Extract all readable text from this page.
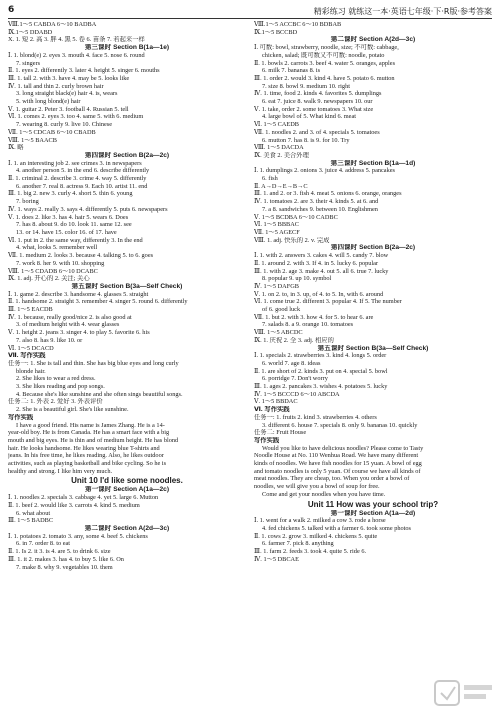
6	精彩练习 就练这一本·英语七年级·下·R版·参考答案
Ⅷ.1～5 CABDA 6～10 BADBA
Ⅸ.1～5 DDABD
X. 1. 短 2. 高 3. 胖 4. 黑 5. 卷 6. 苗条 7. 若起来一样
第三课时 Section B(1a—1e)
Ⅰ. 1. blond(e) 2. eyes 3. mouth 4. face 5. nose 6. round
7. singers
Ⅱ. 1. eyes 2. differently 3. later 4. height 5. singer 6. mouths
Ⅲ. 1. tall 2. with 3. have 4. may be 5. looks like
Ⅳ. 1. tall and thin 2. curly brown hair
3. long straight black(e) hair 4. is, wears
5. with long blond(e) hair
Ⅴ. 1. guitar 2. Peter 3. football 4. Russian 5. tell
Ⅵ. 1. comes 2. eyes 3. too 4. same 5. with 6. medium
7. wearing 8. curly 9. live 10. Chinese
Ⅶ. 1～5 CDCAB 6～10 CBADB
Ⅷ. 1～5 BAACB
Ⅸ. 略
第四课时 Section B(2a—2c)
Ⅰ. 1. an interesting job 2. see crimes 3. in newspapers
4. another person 5. in the end 6. describe differently
Ⅱ. 1. criminal 2. describe 3. crime 4. way 5. differently
6. another 7. real 8. actress 9. Each 10. artist 11. end
Ⅲ. 1. big 2. new 3. curly 4. short 5. thin 6. young
7. boring
Ⅳ. 1. ways 2. really 3. says 4. differently 5. puts 6. newspapers
Ⅴ. 1. does 2. like 3. has 4. hair 5. wears 6. Does
7. has 8. about 9. do 10. look 11. same 12. see
13. or 14. have 15. color 16. of 17. have
Ⅵ. 1. put in 2. the same way, differently 3. In the end
4. what, looks 5. remember well
Ⅶ. 1. medium 2. looks 3. because 4. talking 5. to 6. goes
7. work 8. her 9. with 10. shopping
Ⅷ. 1～5 CDADB 6～10 DCABC
Ⅸ. 1. adj. 开心的 2. 关注; 关心
第五课时 Section B(3a—Self Check)
Ⅰ. 1. game 2. describe 3. handsome 4. glasses 5. straight
Ⅱ. 1. handsome 2. straight 3. remember 4. singer 5. round 6. differently
Ⅲ. 1～5 EACDB
Ⅳ. 1. because, really good/nice 2. is also good at
3. of medium height with 4. wear glasses
Ⅴ. 1. height 2. jeans 3. singer 4. to play 5. favorite 6. his
7. also 8. has 9. like 10. or
Ⅵ. 1～5 DCACD
Ⅶ. 写作实践
任务一: 1. She is tall and thin. She has big blue eyes and long curly
blonde hair.
2. She likes to wear a red dress.
3. She likes reading and pop songs.
4. Because she's like sunshine and she often sings beautiful songs.
任务二: 1. 外表 2. 爱好 3. 外表评价
2. She is a beautiful girl. She's like sunshine.
写作实践
I have a good friend. His name is James Zhang. He is a 14-
year-old boy. He is from Canada. He has a smart face with a big
mouth and big eyes. He is thin and of medium height. He has blond
hair. He looks handsome. He likes wearing blue T-shirts and
jeans. In his free time, he likes reading. Also, he likes outdoor
activities, such as playing basketball and bike cycling. So he is
healthy and strong. I like him very much.
Unit 10 I'd like some noodles.
第一课时 Section A(1a—2c)
Ⅰ. 1. noodles 2. specials 3. cabbage 4. yet 5. large 6. Mutton
Ⅱ. 1. beef 2. would like 3. carrots 4. kind 5. medium
6. what about
Ⅲ. 1～5 BADBC
第二课时 Section A(2d—3c)
Ⅰ. 1. potatoes 2. tomato 3. any, some 4. beef 5. chickens
6. in 7. order 8. to eat
Ⅱ. 1. Is 2. it 3. is 4. are 5. to drink 6. size
Ⅲ. 1. it 2. makes 3. has 4. to buy 5. like 6. On
7. make 8. why 9. vegetables 10. them
Ⅷ.1～5 ACCBC 6～10 BDBAB
Ⅸ.1～5 BCCBD
第二课时 Section A(2d—3c)
Ⅰ. 可数: bowl, strawberry, noodle, size; 不可数: cabbage,
chicken, salad; 既可数又不可数: noodle, potato
Ⅱ. 1. bowls 2. carrots 3. beef 4. water 5. oranges, apples
6. milk 7. bananas 8. is
Ⅲ. 1. order 2. would 3. kind 4. have 5. potato 6. mutton
7. size 8. bowl 9. medium 10. right
Ⅳ. 1. time, food 2. kinds 4. favorites 5. dumplings
6. eat 7. juice 8. walk 9. newspapers 10. our
Ⅴ. 1. take, order 2. some tomatoes 3. What size
4. large bowl of 5. What kind 6. meat
Ⅵ. 1～5 CAEDB
Ⅶ. 1. noodles 2. and 3. of 4. specials 5. tomatoes
6. mutton 7. has 8. is 9. for 10. Try
Ⅷ. 1～5 DACDA
Ⅸ. 美食 2. 美合外理
第三课时 Section B(1a—1d)
Ⅰ. 1. dumplings 2. onions 3. juice 4. address 5. pancakes
6. fish
Ⅱ. A→D→E→B→C
Ⅲ. 1. and 2. or 3. fish 4. meat 5. onions 6. orange, oranges
Ⅳ. 1. tomatoes 2. are 3. their 4. kinds 5. at 6. and
7. a 8. sandwiches 9. between 10. Englishmen
Ⅴ. 1～5 BCDBA 6～10 CADBC
Ⅵ. 1～5 BBBAC
Ⅶ. 1～5 AGECF
Ⅷ. 1. adj. 快乐的 2. v. 完成
第四课时 Section B(2a—2c)
Ⅰ. 1. with 2. answers 3. cakes 4. will 5. candy 7. blow
Ⅱ. 1. around 2. with 3. If 4. in 5. lucky 6. popular
Ⅲ. 1. with 2. age 3. make 4. out 5. all 6. true 7. lucky
8. popular 9. up 10. symbol
Ⅳ. 1～5 DAFGB
Ⅴ. 1. on 2. to, in 3. up, of 4. to 5. In, with 6. around
Ⅵ. 1. come true 2. different 3. popular 4. If 5. The number
of 6. good luck
Ⅶ. 1. but 2. with 3. how 4. for 5. to hear 6. are
7. salads 8. a 9. orange 10. tomatoes
Ⅷ. 1～5 ABCDC
Ⅸ. 1. 庆祝 2. 全 3. adj. 相应的
第五课时 Section B(3a—Self Check)
Ⅰ. 1. specials 2. strawberries 3. kind 4. longs 5. order
6. world 7. age 8. ideas
Ⅱ. 1. are short of 2. kinds 3. put on 4. special 5. bowl
6. porridge 7. Don't worry
Ⅲ. 1. ages 2. pancakes 3. wishes 4. potatoes 5. lucky
Ⅳ. 1～5 BCCCD 6～10 ABCDA
Ⅴ. 1～5 BBDAC
Ⅵ. 写作实践
任务一: 1. fruits 2. kind 3. strawberries 4. others
3. different 6. house 7. specials 8. only 9. bananas 10. quickly
任务二: Fruit House
写作实践
Would you like to have delicious noodles? Please come to Tasty
Noodle House at No. 110 Wenhua Road. We have many different
kinds of noodles. We have fish noodles for 15 yuan. A bowl of egg
and tomato noodles is only 5 yuan. Of course we have all kinds of
meat noodles. They are cheap, too. When you order a bowl of
noodles, we will give you a bowl of soup for free.
Come and get your noodles when you have time.
Unit 11 How was your school trip?
第一课时 Section A(1a—2d)
Ⅰ. 1. went for a walk 2. milked a cow 3. rode a horse
4. fed chickens 5. talked with a farmer 6. took some photos
Ⅱ. 1. cows 2. grow 3. milked 4. chickens 5. quite
6. farmer 7. pick 8. anything
Ⅲ. 1. farm 2. feeds 3. took 4. quite 5. ride 6.
Ⅳ. 1～5 DBCAE
